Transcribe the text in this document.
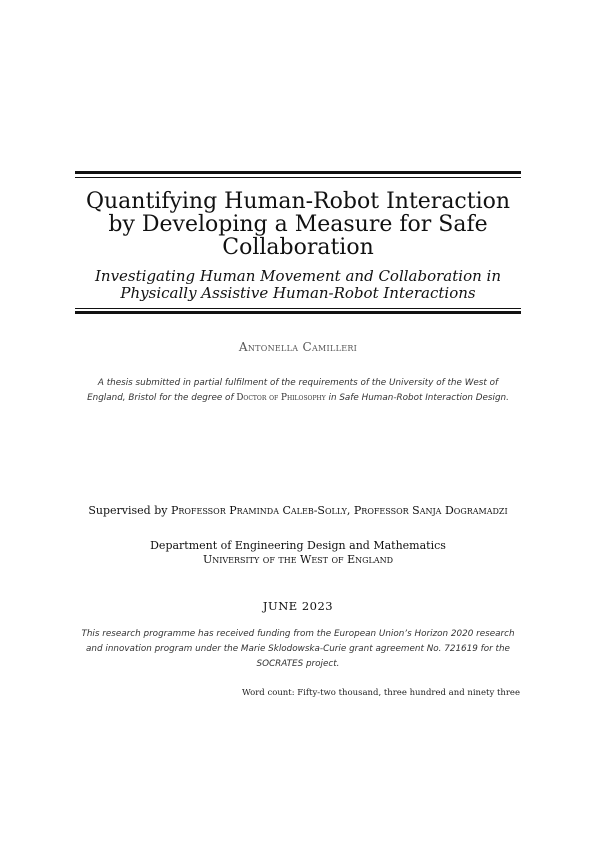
Quantifying Human-Robot Interaction by Developing a Measure for Safe Collaboration
Investigating Human Movement and Collaboration in Physically Assistive Human-Robot Interactions
Antonella Camilleri
A thesis submitted in partial fulfilment of the requirements of the University of the West of England, Bristol for the degree of Doctor of Philosophy in Safe Human-Robot Interaction Design.
Supervised by Professor Praminda Caleb-Solly, Professor Sanja Dogramadzi
Department of Engineering Design and Mathematics
University of the West of England
JUNE 2023
This research programme has received funding from the European Union’s Horizon 2020 research and innovation program under the Marie Sklodowska-Curie grant agreement No. 721619 for the SOCRATES project.
Word count: Fifty-two thousand, three hundred and ninety three
